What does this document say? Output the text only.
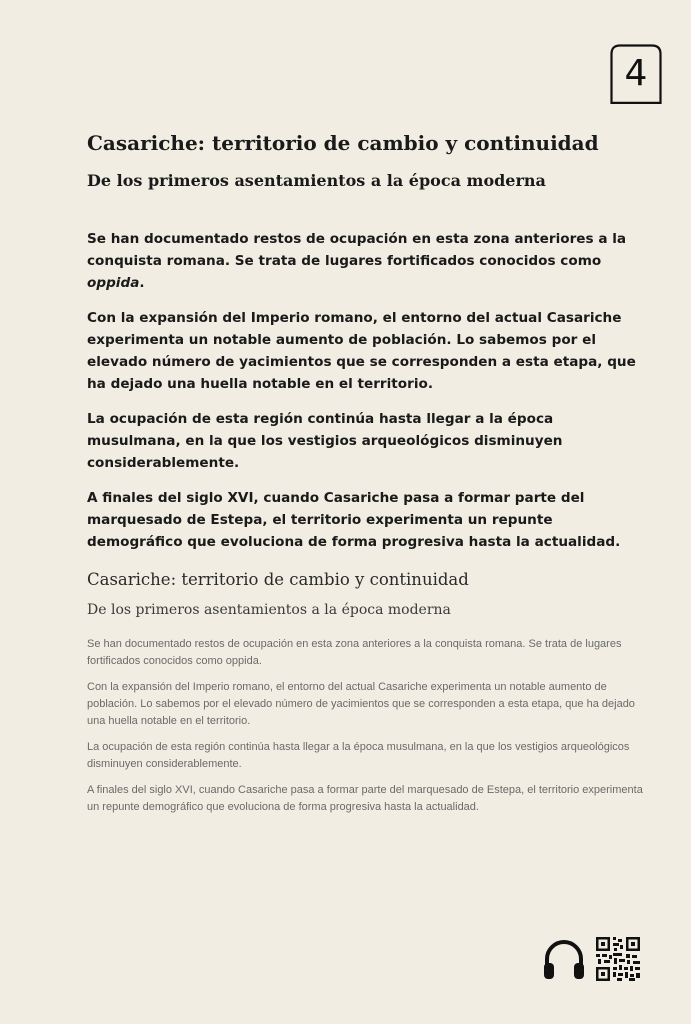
4
Casariche: territorio de cambio y continuidad
De los primeros asentamientos a la época moderna

Se han documentado restos de ocupación en esta zona anteriores a la conquista romana. Se trata de lugares fortificados conocidos como oppida.

Con la expansión del Imperio romano, el entorno del actual Casariche experimenta un notable aumento de población. Lo sabemos por el elevado número de yacimientos que se corresponden a esta etapa, que ha dejado una huella notable en el territorio.

La ocupación de esta región continúa hasta llegar a la época musulmana, en la que los vestigios arqueológicos disminuyen considerablemente.

A finales del siglo XVI, cuando Casariche pasa a formar parte del marquesado de Estepa, el territorio experimenta un repunte demográfico que evoluciona de forma progresiva hasta la actualidad.

Casariche: territorio de cambio y continuidad
De los primeros asentamientos a la época moderna

Se han documentado restos de ocupación en esta zona anteriores a la conquista romana. Se trata de lugares fortificados conocidos como oppida.

Con la expansión del Imperio romano, el entorno del actual Casariche experimenta un notable aumento de población. Lo sabemos por el elevado número de yacimientos que se corresponden a esta etapa, que ha dejado una huella notable en el territorio.

La ocupación de esta región continúa hasta llegar a la época musulmana, en la que los vestigios arqueológicos disminuyen considerablemente.

A finales del siglo XVI, cuando Casariche pasa a formar parte del marquesado de Estepa, el territorio experimenta un repunte demográfico que evoluciona de forma progresiva hasta la actualidad.
